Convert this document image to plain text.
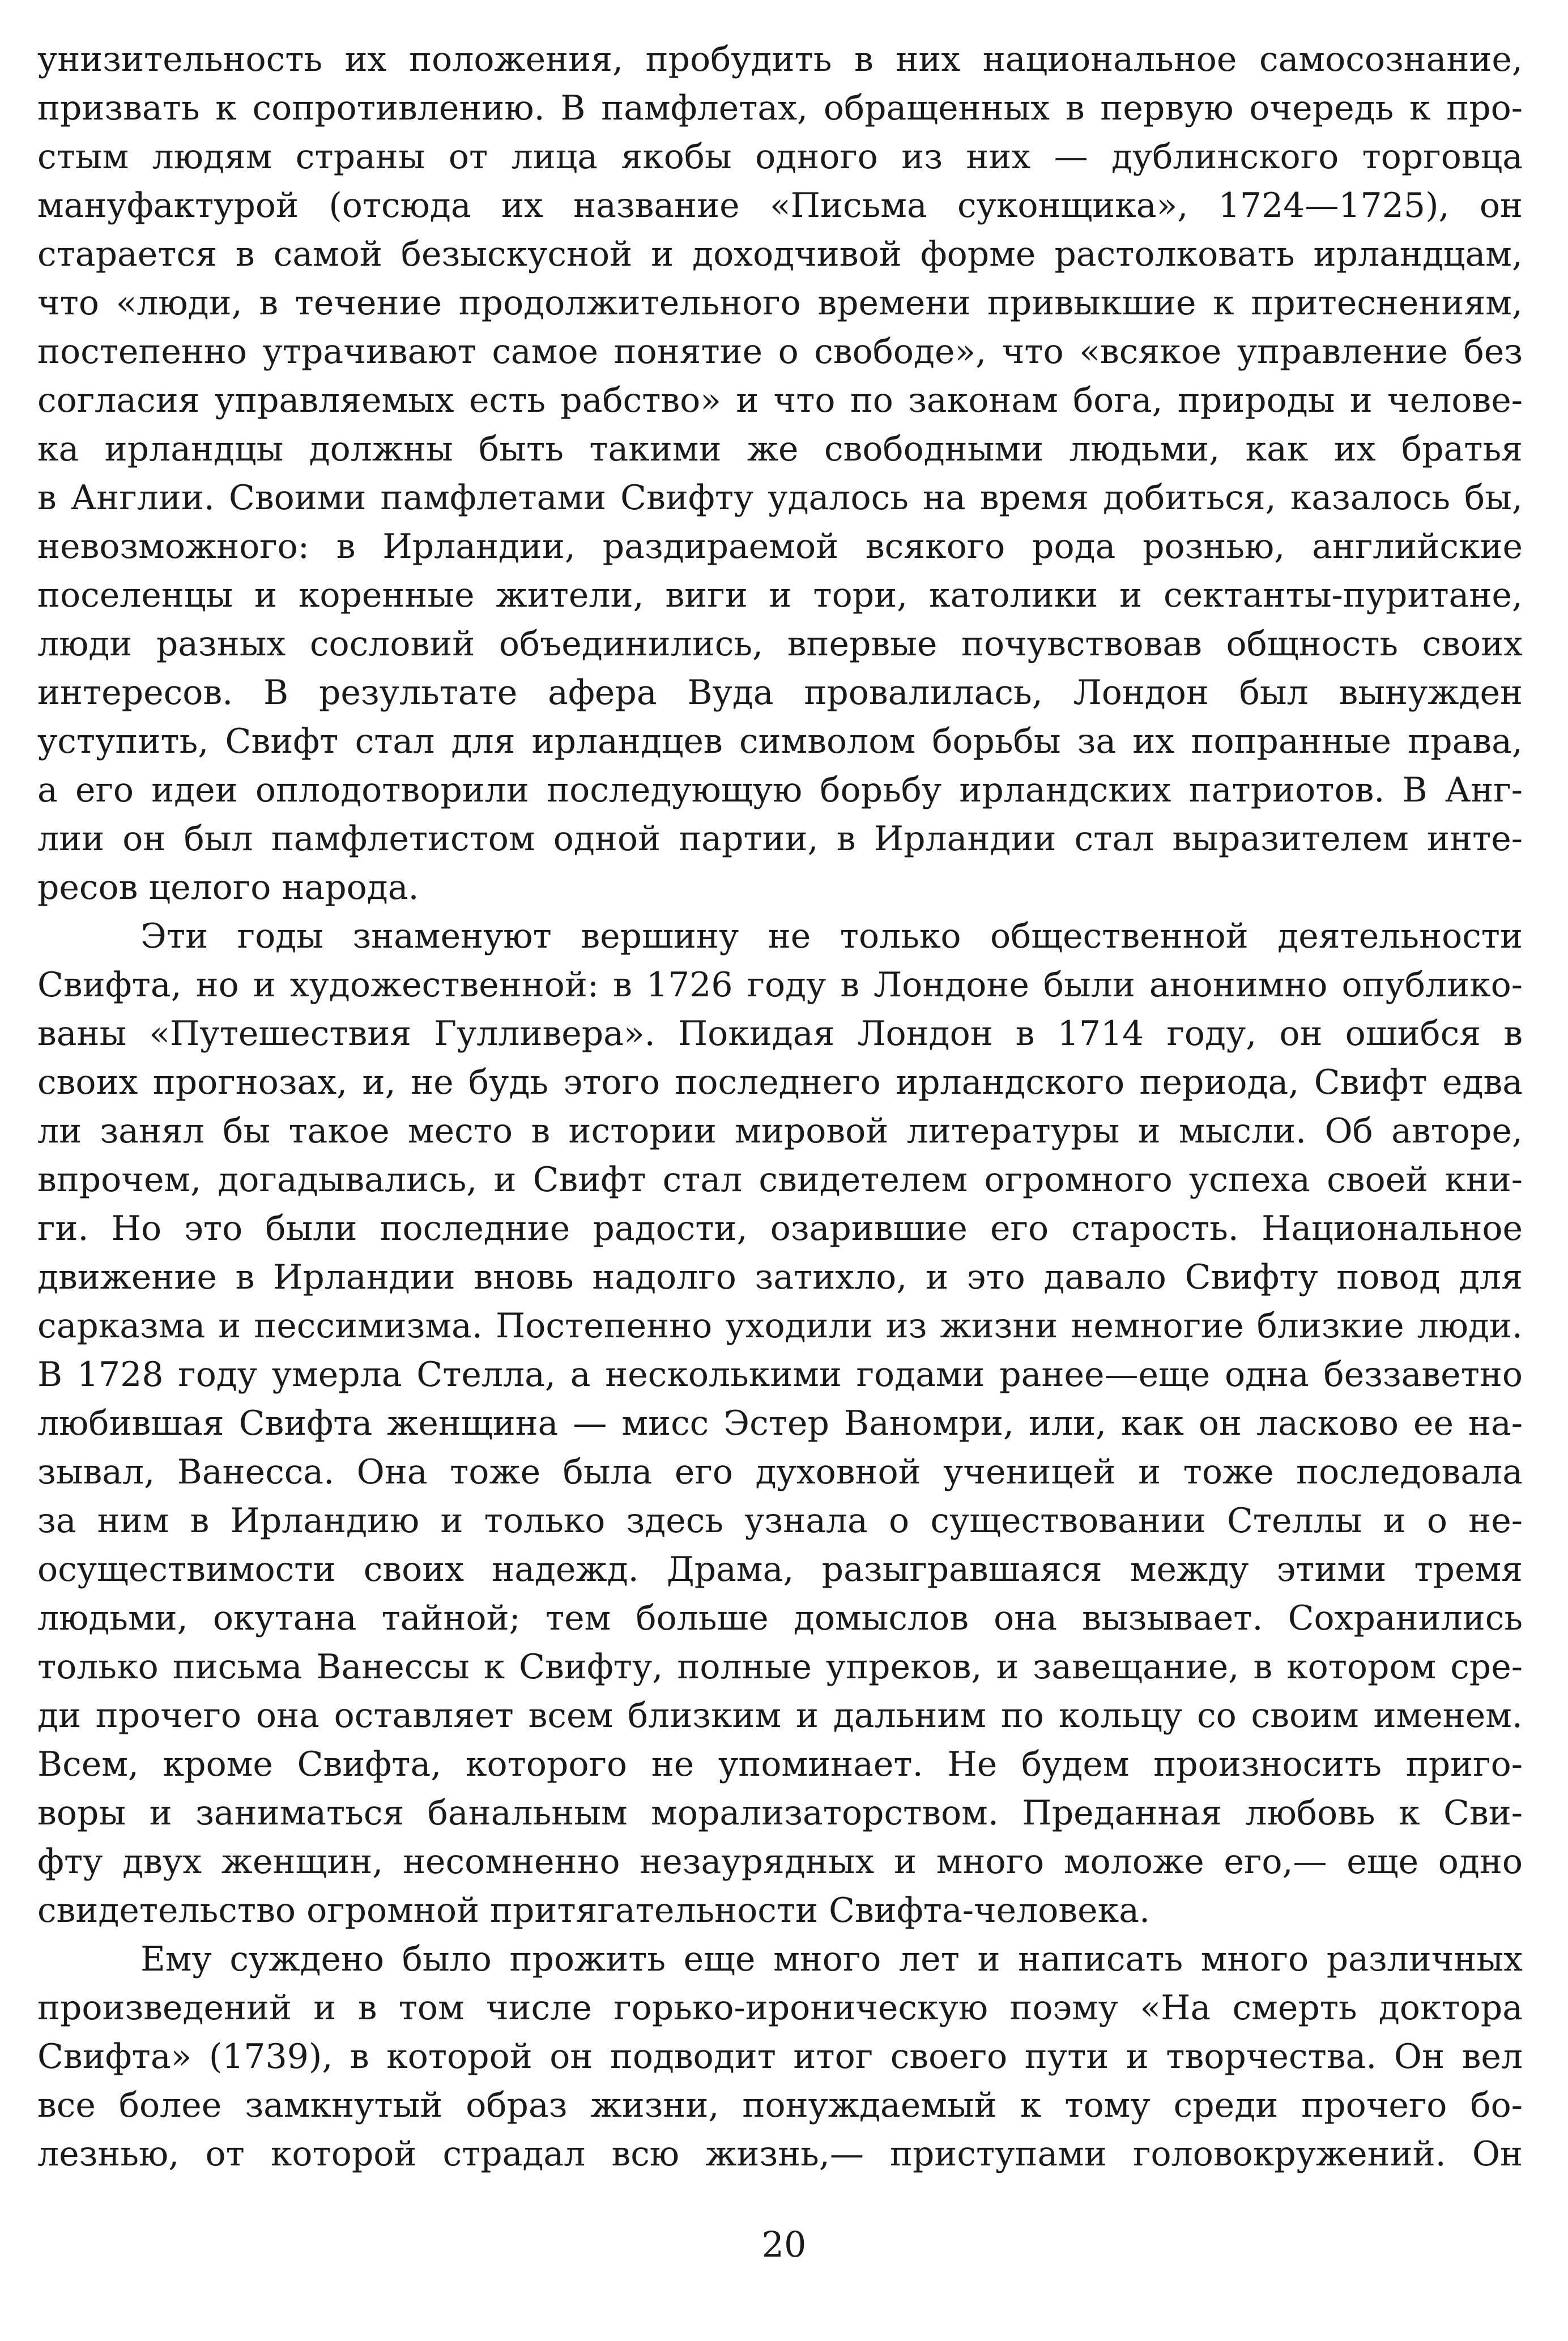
унизительность их положения, пробудить в них национальное самосознание,
призвать к сопротивлению. В памфлетах, обращенных в первую очередь к про-
стым людям страны от лица якобы одного из них — дублинского торговца
мануфактурой (отсюда их название «Письма суконщика», 1724—1725), он
старается в самой безыскусной и доходчивой форме растолковать ирландцам,
что «люди, в течение продолжительного времени привыкшие к притеснениям,
постепенно утрачивают самое понятие о свободе», что «всякое управление без
согласия управляемых есть рабство» и что по законам бога, природы и челове-
ка ирландцы должны быть такими же свободными людьми, как их братья
в Англии. Своими памфлетами Свифту удалось на время добиться, казалось бы,
невозможного: в Ирландии, раздираемой всякого рода рознью, английские
поселенцы и коренные жители, виги и тори, католики и сектанты-пуритане,
люди разных сословий объединились, впервые почувствовав общность своих
интересов. В результате афера Вуда провалилась, Лондон был вынужден
уступить, Свифт стал для ирландцев символом борьбы за их попранные права,
а его идеи оплодотворили последующую борьбу ирландских патриотов. В Анг-
лии он был памфлетистом одной партии, в Ирландии стал выразителем инте-
ресов целого народа.
Эти годы знаменуют вершину не только общественной деятельности
Свифта, но и художественной: в 1726 году в Лондоне были анонимно опублико-
ваны «Путешествия Гулливера». Покидая Лондон в 1714 году, он ошибся в
своих прогнозах, и, не будь этого последнего ирландского периода, Свифт едва
ли занял бы такое место в истории мировой литературы и мысли. Об авторе,
впрочем, догадывались, и Свифт стал свидетелем огромного успеха своей кни-
ги. Но это были последние радости, озарившие его старость. Национальное
движение в Ирландии вновь надолго затихло, и это давало Свифту повод для
сарказма и пессимизма. Постепенно уходили из жизни немногие близкие люди.
В 1728 году умерла Стелла, а несколькими годами ранее—еще одна беззаветно
любившая Свифта женщина — мисс Эстер Ваномри, или, как он ласково ее на-
зывал, Ванесса. Она тоже была его духовной ученицей и тоже последовала
за ним в Ирландию и только здесь узнала о существовании Стеллы и о не-
осуществимости своих надежд. Драма, разыгравшаяся между этими тремя
людьми, окутана тайной; тем больше домыслов она вызывает. Сохранились
только письма Ванессы к Свифту, полные упреков, и завещание, в котором сре-
ди прочего она оставляет всем близким и дальним по кольцу со своим именем.
Всем, кроме Свифта, которого не упоминает. Не будем произносить приго-
воры и заниматься банальным морализаторством. Преданная любовь к Сви-
фту двух женщин, несомненно незаурядных и много моложе его,— еще одно
свидетельство огромной притягательности Свифта-человека.
Ему суждено было прожить еще много лет и написать много различных
произведений и в том числе горько-ироническую поэму «На смерть доктора
Свифта» (1739), в которой он подводит итог своего пути и творчества. Он вел
все более замкнутый образ жизни, понуждаемый к тому среди прочего бо-
лезнью, от которой страдал всю жизнь,— приступами головокружений. Он
20
